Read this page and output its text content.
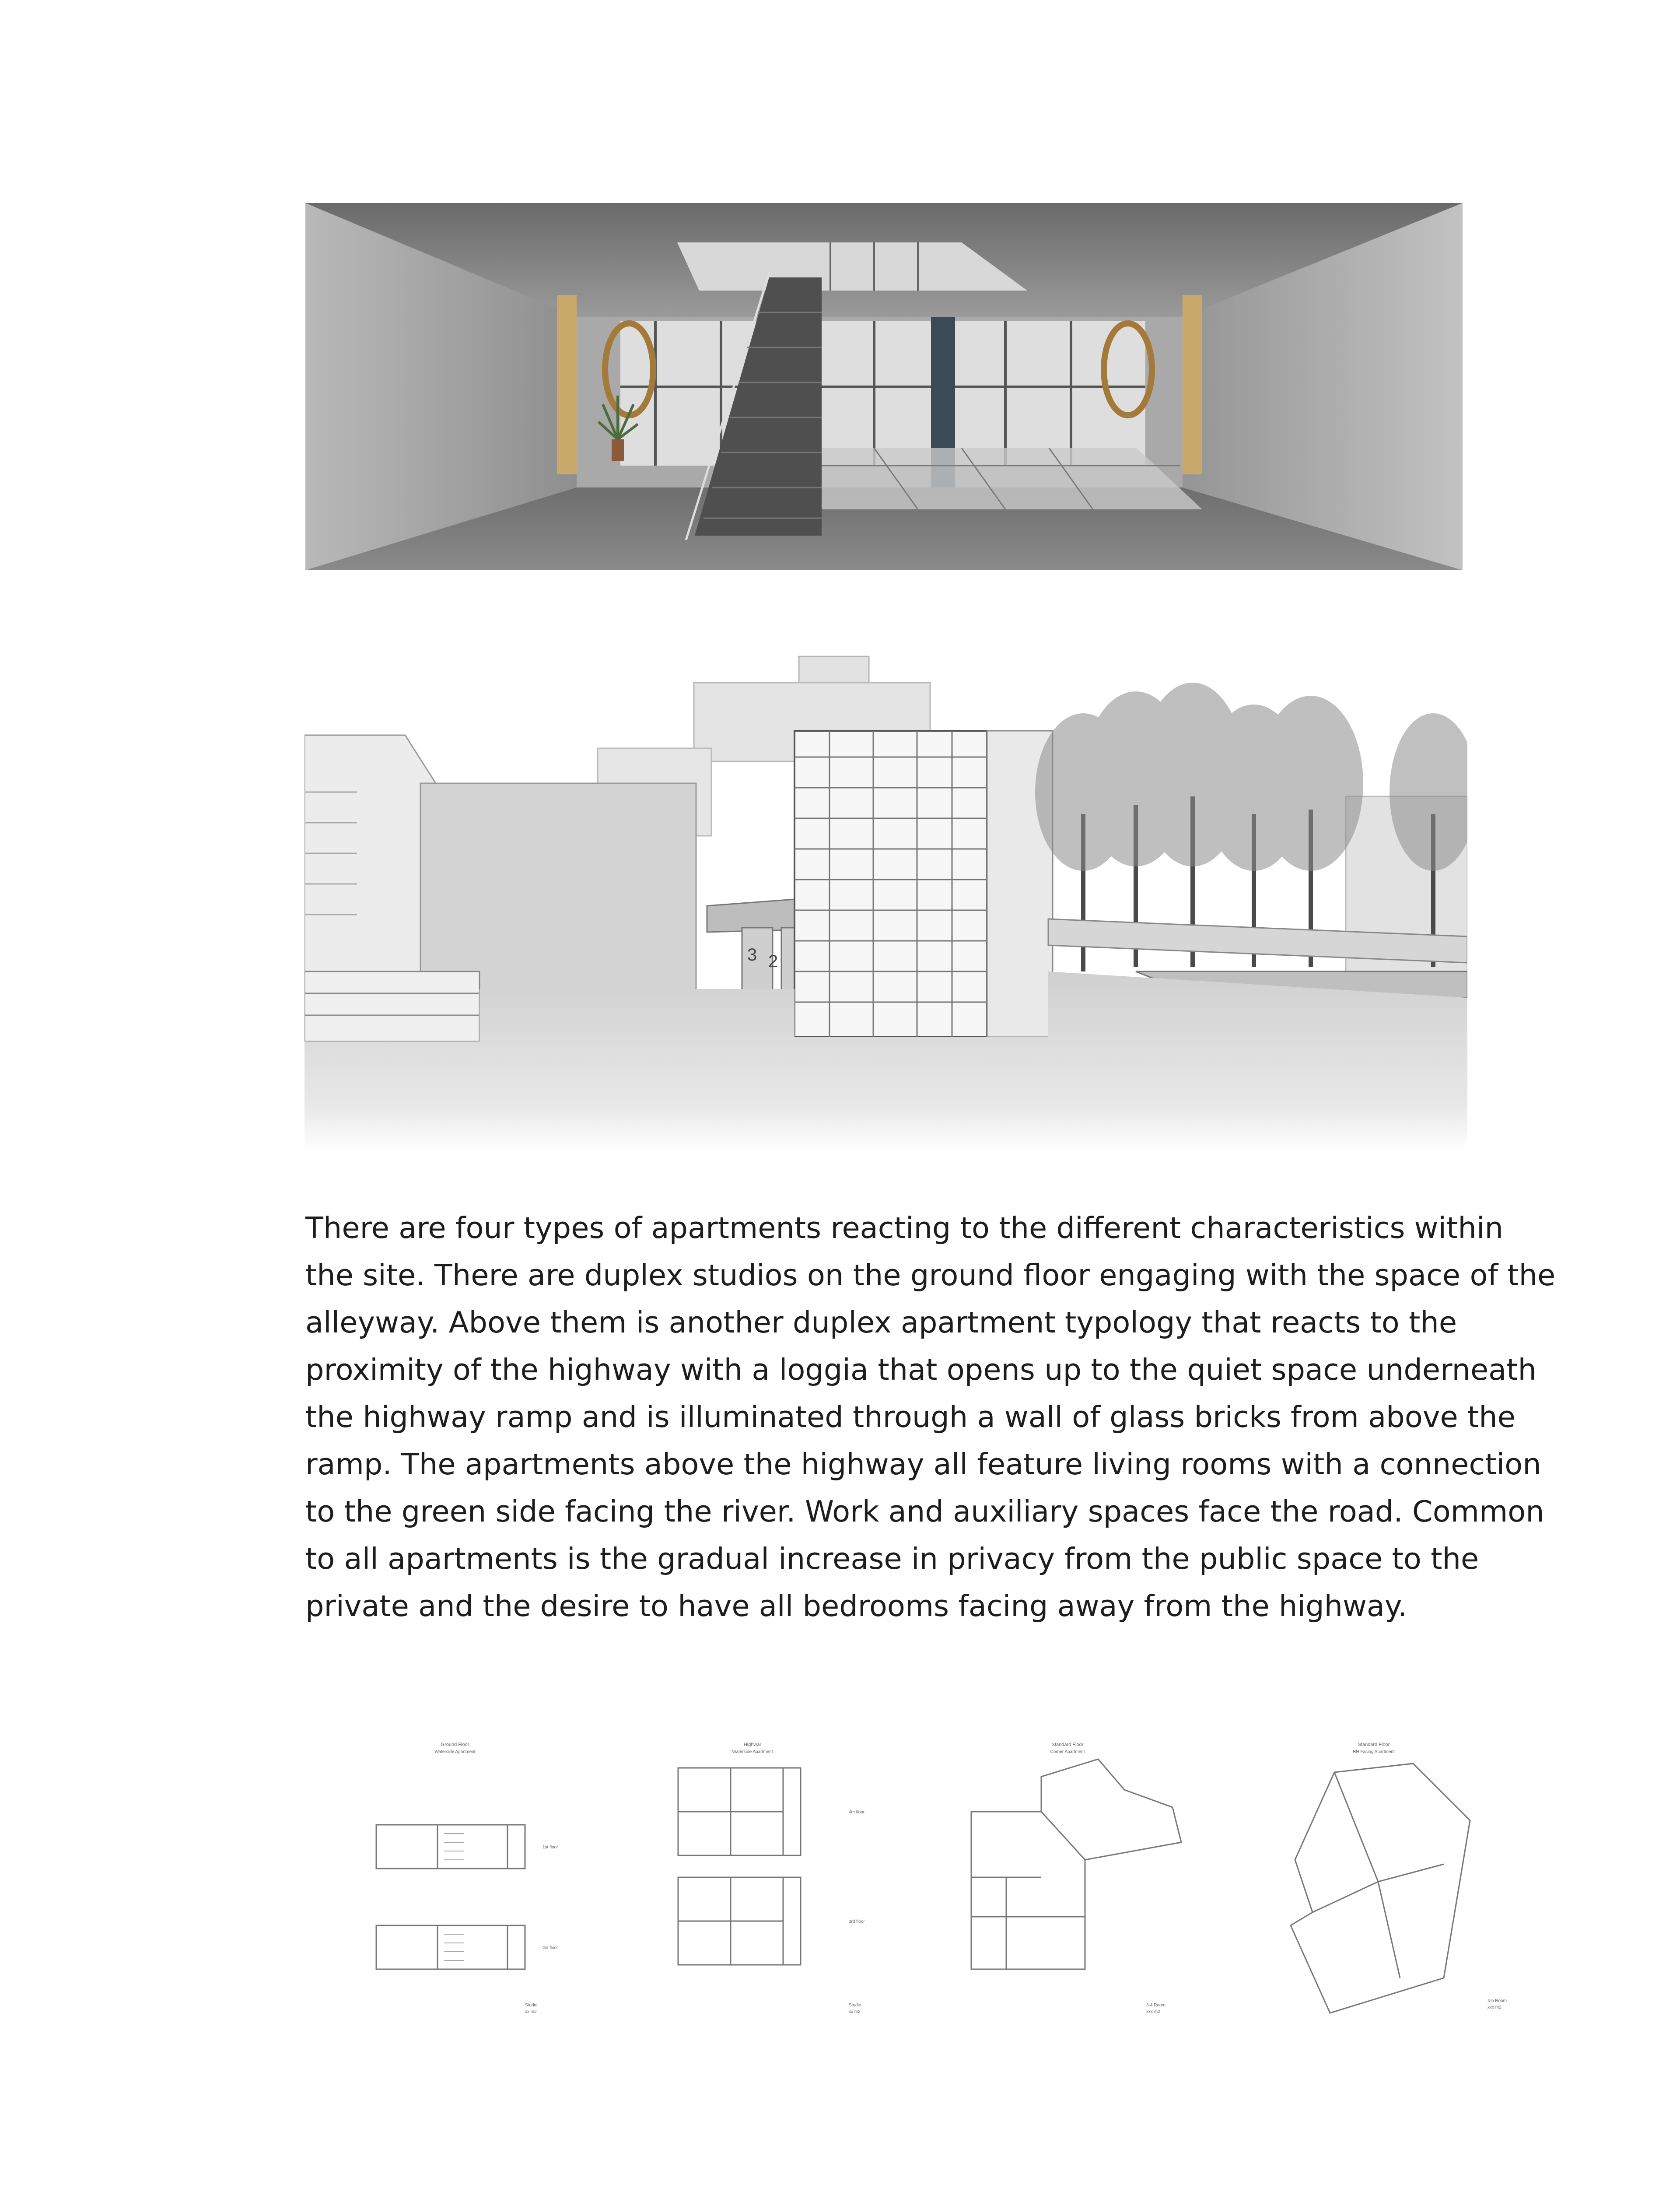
3 2

There are four types of apartments reacting to the different characteristics within
the site. There are duplex studios on the ground floor engaging with the space of the
alleyway. Above them is another duplex apartment typology that reacts to the
proximity of the highway with a loggia that opens up to the quiet space underneath
the highway ramp and is illuminated through a wall of glass bricks from above the
ramp. The apartments above the highway all feature living rooms with a connection
to the green side facing the river. Work and auxiliary spaces face the road. Common
to all apartments is the gradual increase in privacy from the public space to the
private and the desire to have all bedrooms facing away from the highway.

Ground Floor
Waterside Apartment
1st floor
Gd floor
Studio
xx m2
Highwar
Waterside Apartment
4th floor
3rd floor
Studio
xx m2
Standard Floor
Corner Apartment
3-4 Room
xxx m2
Standard Floor
RH Facing Apartment
4-5 Room
xxx m2
